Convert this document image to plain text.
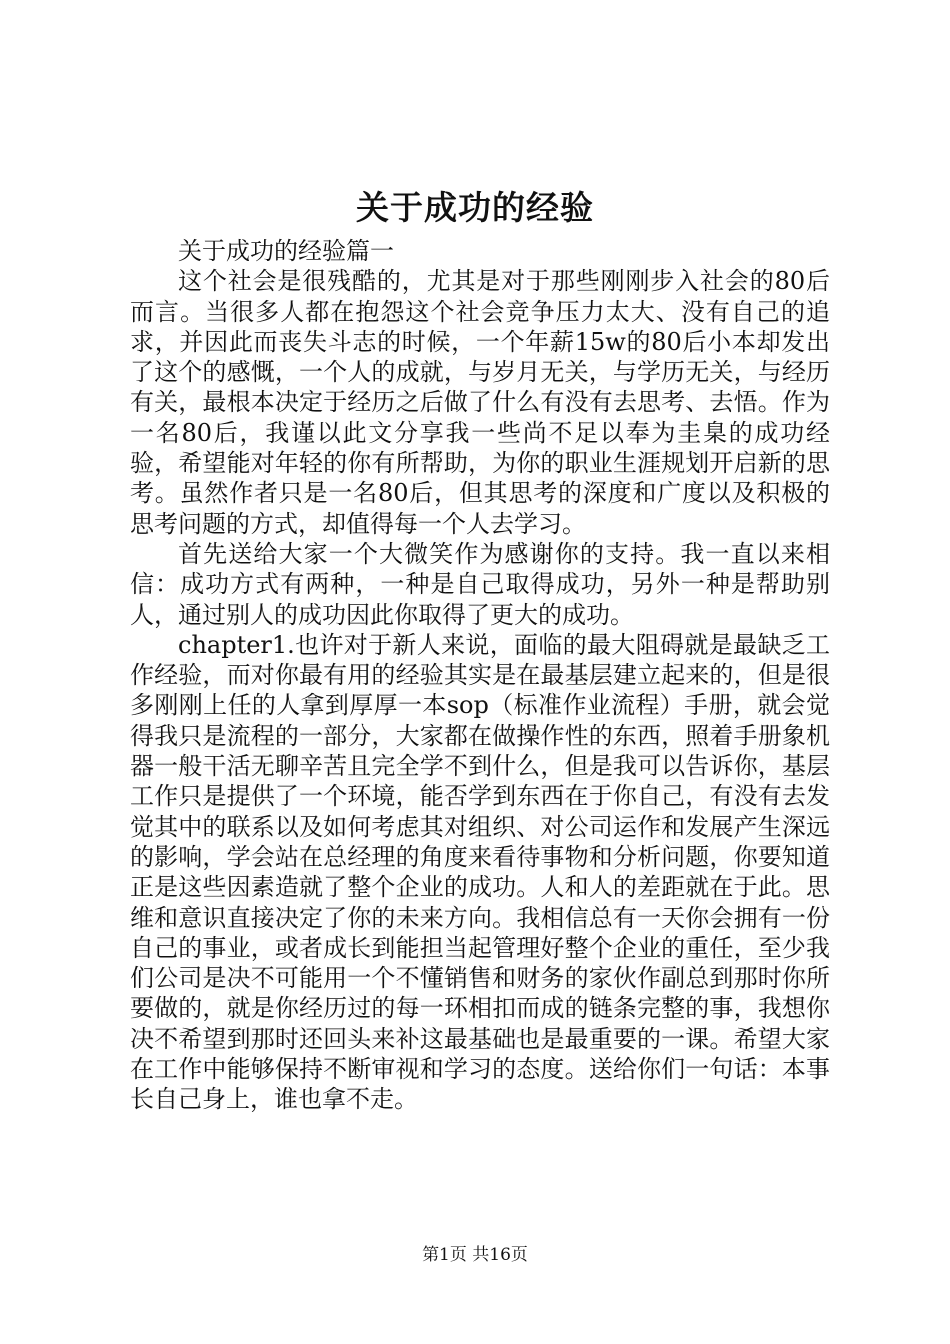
关于成功的经验

关于成功的经验篇一

这个社会是很残酷的，尤其是对于那些刚刚步入社会的80后而言。当很多人都在抱怨这个社会竞争压力太大、没有自己的追求，并因此而丧失斗志的时候，一个年薪15w的80后小本却发出了这个的感慨，一个人的成就，与岁月无关，与学历无关，与经历有关，最根本决定于经历之后做了什么有没有去思考、去悟。作为一名80后，我谨以此文分享我一些尚不足以奉为圭臬的成功经验，希望能对年轻的你有所帮助，为你的职业生涯规划开启新的思考。虽然作者只是一名80后，但其思考的深度和广度以及积极的思考问题的方式，却值得每一个人去学习。

首先送给大家一个大微笑作为感谢你的支持。我一直以来相信：成功方式有两种，一种是自己取得成功，另外一种是帮助别人，通过别人的成功因此你取得了更大的成功。

chapter1.也许对于新人来说，面临的最大阻碍就是最缺乏工作经验，而对你最有用的经验其实是在最基层建立起来的，但是很多刚刚上任的人拿到厚厚一本sop（标准作业流程）手册，就会觉得我只是流程的一部分，大家都在做操作性的东西，照着手册象机器一般干活无聊辛苦且完全学不到什么，但是我可以告诉你，基层工作只是提供了一个环境，能否学到东西在于你自己，有没有去发觉其中的联系以及如何考虑其对组织、对公司运作和发展产生深远的影响，学会站在总经理的角度来看待事物和分析问题，你要知道正是这些因素造就了整个企业的成功。人和人的差距就在于此。思维和意识直接决定了你的未来方向。我相信总有一天你会拥有一份自己的事业，或者成长到能担当起管理好整个企业的重任，至少我们公司是决不可能用一个不懂销售和财务的家伙作副总到那时你所要做的，就是你经历过的每一环相扣而成的链条完整的事，我想你决不希望到那时还回头来补这最基础也是最重要的一课。希望大家在工作中能够保持不断审视和学习的态度。送给你们一句话：本事长自己身上，谁也拿不走。

第1页 共16页
